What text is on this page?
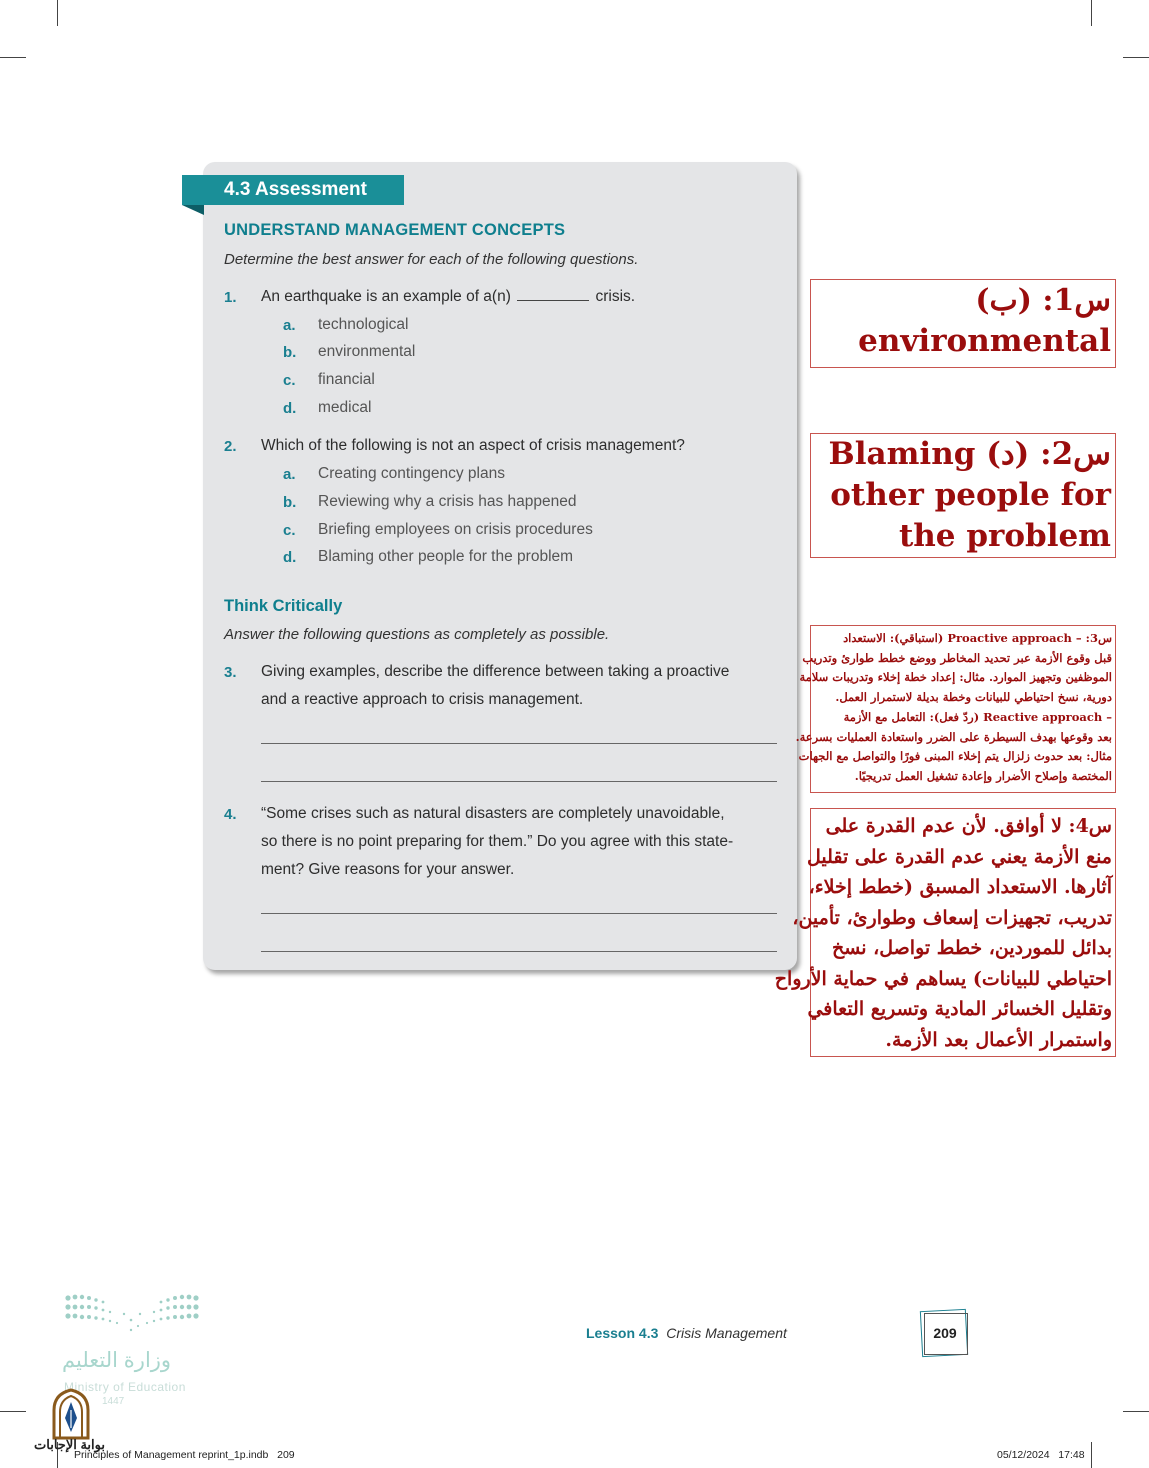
4.3 Assessment
UNDERSTAND MANAGEMENT CONCEPTS
Determine the best answer for each of the following questions.
1. An earthquake is an example of a(n)	crisis.
a. technological
b. environmental
c. financial
d. medical
2. Which of the following is not an aspect of crisis management?
a. Creating contingency plans
b. Reviewing why a crisis has happened
c. Briefing employees on crisis procedures
d. Blaming other people for the problem
Think Critically
Answer the following questions as completely as possible.
3. Giving examples, describe the difference between taking a proactive
and a reactive approach to crisis management.
4. “Some crises such as natural disasters are completely unavoidable,
so there is no point preparing for them.” Do you agree with this state-
ment? Give reasons for your answer.
س1: (ب)
environmental
س2: (د) Blaming
other people for
the problem
س3: – Proactive approach (استباقي): الاستعداد
قبل وقوع الأزمة عبر تحديد المخاطر ووضع خطط طوارئ وتدريب
الموظفين وتجهيز الموارد. مثال: إعداد خطة إخلاء وتدريبات سلامة
دورية، نسخ احتياطي للبيانات وخطة بديلة لاستمرار العمل.
– Reactive approach (ردّ فعل): التعامل مع الأزمة
بعد وقوعها بهدف السيطرة على الضرر واستعادة العمليات بسرعة.
مثال: بعد حدوث زلزال يتم إخلاء المبنى فورًا والتواصل مع الجهات
المختصة وإصلاح الأضرار وإعادة تشغيل العمل تدريجيًا.
س4: لا أوافق. لأن عدم القدرة على
منع الأزمة يعني عدم القدرة على تقليل
آثارها. الاستعداد المسبق (خطط إخلاء،
تدريب، تجهيزات إسعاف وطوارئ، تأمين،
بدائل للموردين، خطط تواصل، نسخ
احتياطي للبيانات) يساهم في حماية الأرواح
وتقليل الخسائر المادية وتسريع التعافي
واستمرار الأعمال بعد الأزمة.
وزارة التعليم
Ministry of Education
1447
بوابة الإجابات
Lesson 4.3 Crisis Management	209
Principles of Management reprint_1p.indb   209	05/12/2024   17:48
